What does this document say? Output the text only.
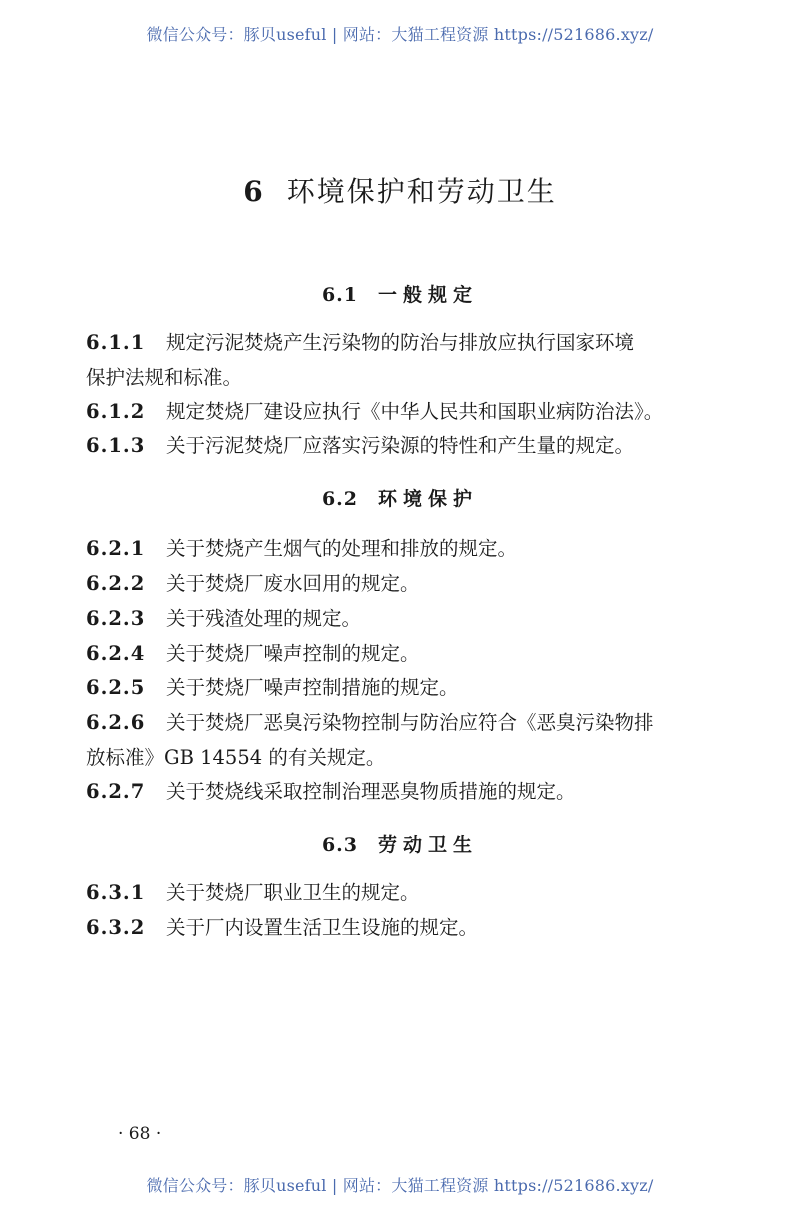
微信公众号：豚贝useful | 网站：大猫工程资源 https://521686.xyz/
6 环境保护和劳动卫生
6.1 一般规定
6.1.1 规定污泥焚烧产生污染物的防治与排放应执行国家环境
保护法规和标准。
6.1.2 规定焚烧厂建设应执行《中华人民共和国职业病防治法》。
6.1.3 关于污泥焚烧厂应落实污染源的特性和产生量的规定。
6.2 环境保护
6.2.1 关于焚烧产生烟气的处理和排放的规定。
6.2.2 关于焚烧厂废水回用的规定。
6.2.3 关于残渣处理的规定。
6.2.4 关于焚烧厂噪声控制的规定。
6.2.5 关于焚烧厂噪声控制措施的规定。
6.2.6 关于焚烧厂恶臭污染物控制与防治应符合《恶臭污染物排
放标准》GB 14554 的有关规定。
6.2.7 关于焚烧线采取控制治理恶臭物质措施的规定。
6.3 劳动卫生
6.3.1 关于焚烧厂职业卫生的规定。
6.3.2 关于厂内设置生活卫生设施的规定。
· 68 ·
微信公众号：豚贝useful | 网站：大猫工程资源 https://521686.xyz/
